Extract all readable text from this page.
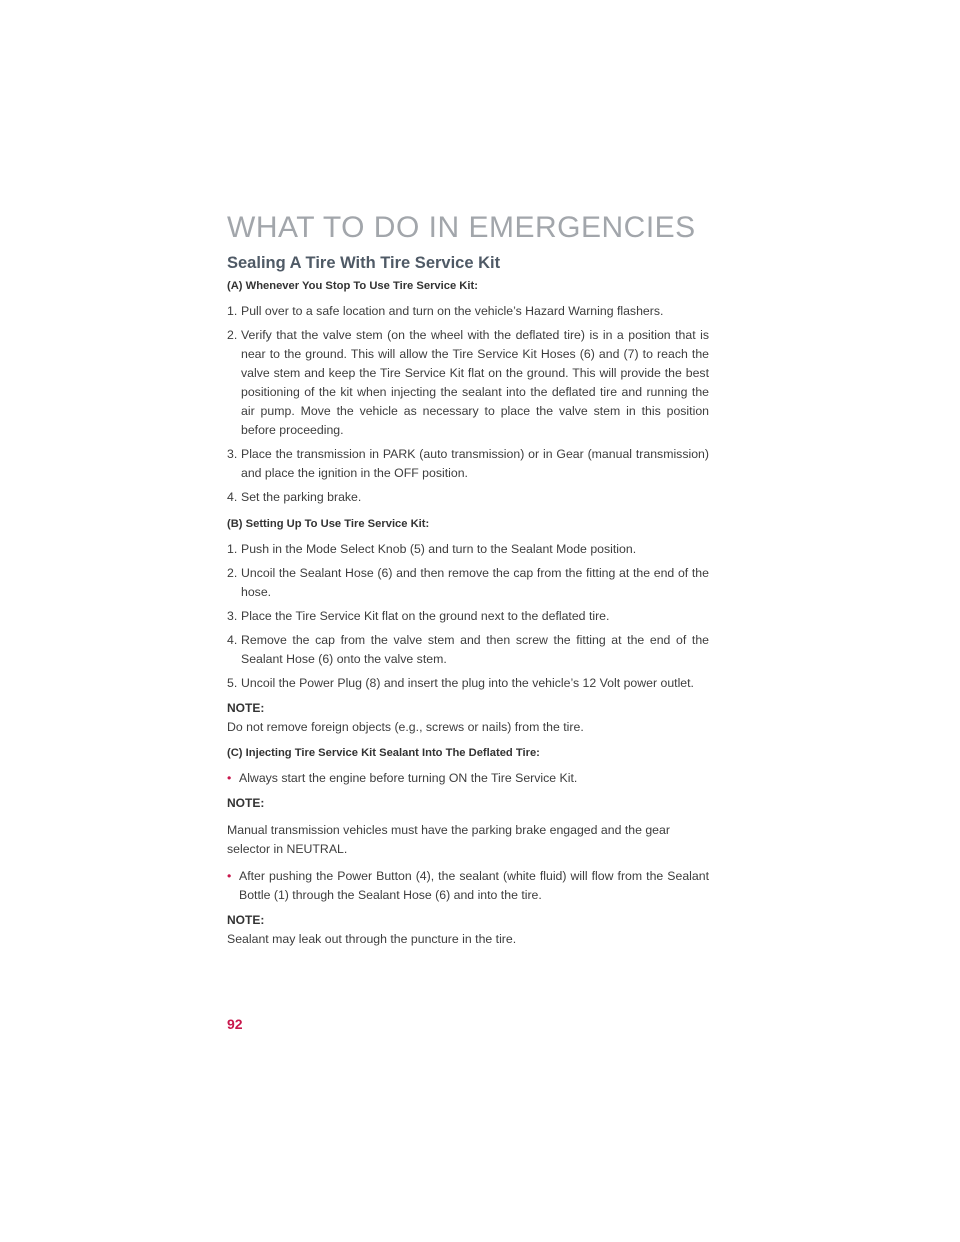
WHAT TO DO IN EMERGENCIES
Sealing A Tire With Tire Service Kit

(A) Whenever You Stop To Use Tire Service Kit:

1. Pull over to a safe location and turn on the vehicle’s Hazard Warning flashers.
2. Verify that the valve stem (on the wheel with the deflated tire) is in a position that is near to the ground. This will allow the Tire Service Kit Hoses (6) and (7) to reach the valve stem and keep the Tire Service Kit flat on the ground. This will provide the best positioning of the kit when injecting the sealant into the deflated tire and running the air pump. Move the vehicle as necessary to place the valve stem in this position before proceeding.
3. Place the transmission in PARK (auto transmission) or in Gear (manual transmission) and place the ignition in the OFF position.
4. Set the parking brake.

(B) Setting Up To Use Tire Service Kit:

1. Push in the Mode Select Knob (5) and turn to the Sealant Mode position.
2. Uncoil the Sealant Hose (6) and then remove the cap from the fitting at the end of the hose.
3. Place the Tire Service Kit flat on the ground next to the deflated tire.
4. Remove the cap from the valve stem and then screw the fitting at the end of the Sealant Hose (6) onto the valve stem.
5. Uncoil the Power Plug (8) and insert the plug into the vehicle’s 12 Volt power outlet.

NOTE:

Do not remove foreign objects (e.g., screws or nails) from the tire.

(C) Injecting Tire Service Kit Sealant Into The Deflated Tire:

• Always start the engine before turning ON the Tire Service Kit.

NOTE:

Manual transmission vehicles must have the parking brake engaged and the gear selector in NEUTRAL.

• After pushing the Power Button (4), the sealant (white fluid) will flow from the Sealant Bottle (1) through the Sealant Hose (6) and into the tire.

NOTE:

Sealant may leak out through the puncture in the tire.

92
